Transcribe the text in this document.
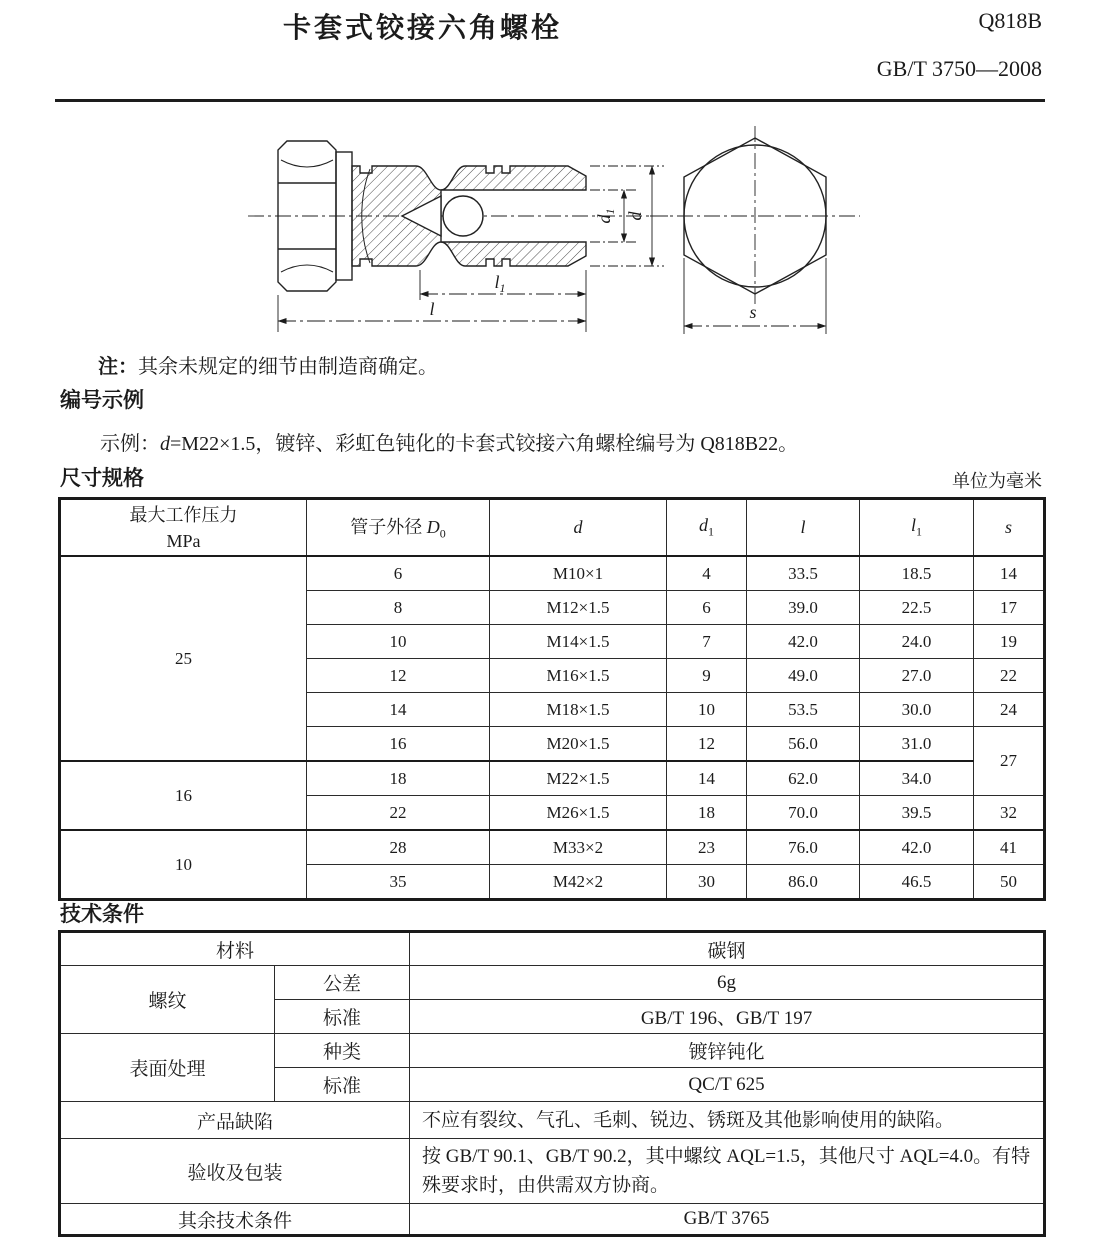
卡套式铰接六角螺栓	Q818B
GB/T 3750—2008
$d_1$ d
$l_1$
l	s
注：其余未规定的细节由制造商确定。
编号示例
示例：d=M22×1.5，镀锌、彩虹色钝化的卡套式铰接六角螺栓编号为 Q818B22。
尺寸规格	单位为毫米
最大工作压力
MPa	管子外径 $D_0$	d	$d_1$	l	$l_1$	s
25	6	M10×1	4	33.5	18.5	14
	8	M12×1.5	6	39.0	22.5	17
	10	M14×1.5	7	42.0	24.0	19
	12	M16×1.5	9	49.0	27.0	22
	14	M18×1.5	10	53.5	30.0	24
	16	M20×1.5	12	56.0	31.0	27
16	18	M22×1.5	14	62.0	34.0	
	22	M26×1.5	18	70.0	39.5	32
10	28	M33×2	23	76.0	42.0	41
	35	M42×2	30	86.0	46.5	50
技术条件
材料		碳钢
螺纹	公差	6g
	标准	GB/T 196、GB/T 197
表面处理	种类	镀锌钝化
	标准	QC/T 625
产品缺陷		不应有裂纹、气孔、毛刺、锐边、锈斑及其他影响使用的缺陷。
验收及包装		按 GB/T 90.1、GB/T 90.2，其中螺纹 AQL=1.5，其他尺寸 AQL=4.0。有特殊要求时，由供需双方协商。
其余技术条件		GB/T 3765
